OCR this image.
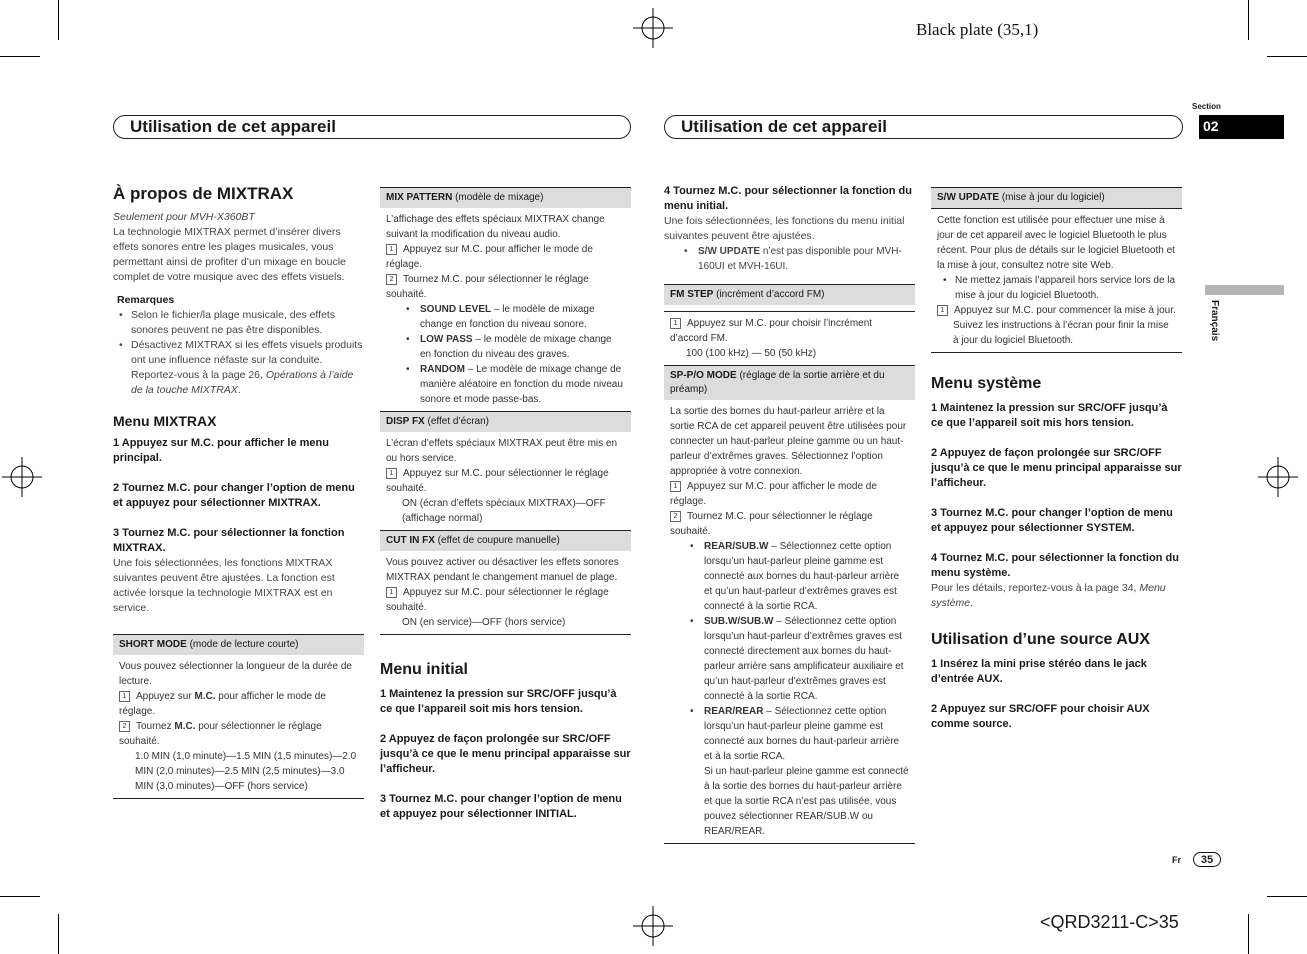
Black plate (35,1)
Utilisation de cet appareil	Utilisation de cet appareil
Section
02
Français
À propos de MIXTRAX

Seulement pour MVH-X360BT

La technologie MIXTRAX permet d’insérer divers effets sonores entre les plages musicales, vous permettant ainsi de profiter d’un mixage en boucle complet de votre musique avec des effets visuels.

Remarques

• Selon le fichier/la plage musicale, des effets sonores peuvent ne pas être disponibles.

• Désactivez MIXTRAX si les effets visuels produits ont une influence néfaste sur la conduite. Reportez-vous à la page 26, Opérations à l’aide de la touche MIXTRAX.

Menu MIXTRAX

1 Appuyez sur M.C. pour afficher le menu principal.

2 Tournez M.C. pour changer l’option de menu et appuyez pour sélectionner MIXTRAX.

3 Tournez M.C. pour sélectionner la fonction MIXTRAX.

Une fois sélectionnées, les fonctions MIXTRAX suivantes peuvent être ajustées. La fonction est activée lorsque la technologie MIXTRAX est en service.

SHORT MODE (mode de lecture courte)

Vous pouvez sélectionner la longueur de la durée de lecture.

1 Appuyez sur M.C. pour afficher le mode de réglage.

2 Tournez M.C. pour sélectionner le réglage souhaité.

1.0 MIN (1,0 minute)—1.5 MIN (1,5 minutes)—2.0 MIN (2,0 minutes)—2.5 MIN (2,5 minutes)—3.0 MIN (3,0 minutes)—OFF (hors service)

MIX PATTERN (modèle de mixage)

L’affichage des effets spéciaux MIXTRAX change suivant la modification du niveau audio.

1 Appuyez sur M.C. pour afficher le mode de réglage.

2 Tournez M.C. pour sélectionner le réglage souhaité.

• SOUND LEVEL – le modèle de mixage change en fonction du niveau sonore.

• LOW PASS – le modèle de mixage change en fonction du niveau des graves.

• RANDOM – Le modèle de mixage change de manière aléatoire en fonction du mode niveau sonore et mode passe-bas.

DISP FX (effet d’écran)

L’écran d’effets spéciaux MIXTRAX peut être mis en ou hors service.

1 Appuyez sur M.C. pour sélectionner le réglage souhaité.

ON (écran d’effets spéciaux MIXTRAX)—OFF (affichage normal)

CUT IN FX (effet de coupure manuelle)

Vous pouvez activer ou désactiver les effets sonores MIXTRAX pendant le changement manuel de plage.

1 Appuyez sur M.C. pour sélectionner le réglage souhaité.

ON (en service)—OFF (hors service)

Menu initial

1 Maintenez la pression sur SRC/OFF jusqu’à ce que l’appareil soit mis hors tension.

2 Appuyez de façon prolongée sur SRC/OFF jusqu’à ce que le menu principal apparaisse sur l’afficheur.

3 Tournez M.C. pour changer l’option de menu et appuyez pour sélectionner INITIAL.

4 Tournez M.C. pour sélectionner la fonction du menu initial.

Une fois sélectionnées, les fonctions du menu initial suivantes peuvent être ajustées.

• S/W UPDATE n’est pas disponible pour MVH-160UI et MVH-16UI.

FM STEP (incrément d’accord FM)

1 Appuyez sur M.C. pour choisir l’incrément d’accord FM.

100 (100 kHz) — 50 (50 kHz)

SP-P/O MODE (réglage de la sortie arrière et du préamp)

La sortie des bornes du haut-parleur arrière et la sortie RCA de cet appareil peuvent être utilisées pour connecter un haut-parleur pleine gamme ou un haut-parleur d’extrêmes graves. Sélectionnez l’option appropriée à votre connexion.

1 Appuyez sur M.C. pour afficher le mode de réglage.

2 Tournez M.C. pour sélectionner le réglage souhaité.

• REAR/SUB.W – Sélectionnez cette option lorsqu’un haut-parleur pleine gamme est connecté aux bornes du haut-parleur arrière et qu’un haut-parleur d’extrêmes graves est connecté à la sortie RCA.

• SUB.W/SUB.W – Sélectionnez cette option lorsqu’un haut-parleur d’extrêmes graves est connecté directement aux bornes du haut-parleur arrière sans amplificateur auxiliaire et qu’un haut-parleur d’extrêmes graves est connecté à la sortie RCA.

• REAR/REAR – Sélectionnez cette option lorsqu’un haut-parleur pleine gamme est connecté aux bornes du haut-parleur arrière et à la sortie RCA.

Si un haut-parleur pleine gamme est connecté à la sortie des bornes du haut-parleur arrière et que la sortie RCA n’est pas utilisée, vous pouvez sélectionner REAR/SUB.W ou REAR/REAR.

S/W UPDATE (mise à jour du logiciel)

Cette fonction est utilisée pour effectuer une mise à jour de cet appareil avec le logiciel Bluetooth le plus récent. Pour plus de détails sur le logiciel Bluetooth et la mise à jour, consultez notre site Web.

• Ne mettez jamais l’appareil hors service lors de la mise à jour du logiciel Bluetooth.

1 Appuyez sur M.C. pour commencer la mise à jour.

Suivez les instructions à l’écran pour finir la mise à jour du logiciel Bluetooth.

Menu système

1 Maintenez la pression sur SRC/OFF jusqu’à ce que l’appareil soit mis hors tension.

2 Appuyez de façon prolongée sur SRC/OFF jusqu’à ce que le menu principal apparaisse sur l’afficheur.

3 Tournez M.C. pour changer l’option de menu et appuyez pour sélectionner SYSTEM.

4 Tournez M.C. pour sélectionner la fonction du menu système.

Pour les détails, reportez-vous à la page 34, Menu système.

Utilisation d’une source AUX

1 Insérez la mini prise stéréo dans le jack d’entrée AUX.

2 Appuyez sur SRC/OFF pour choisir AUX comme source.

Fr	35
<QRD3211-C>35
